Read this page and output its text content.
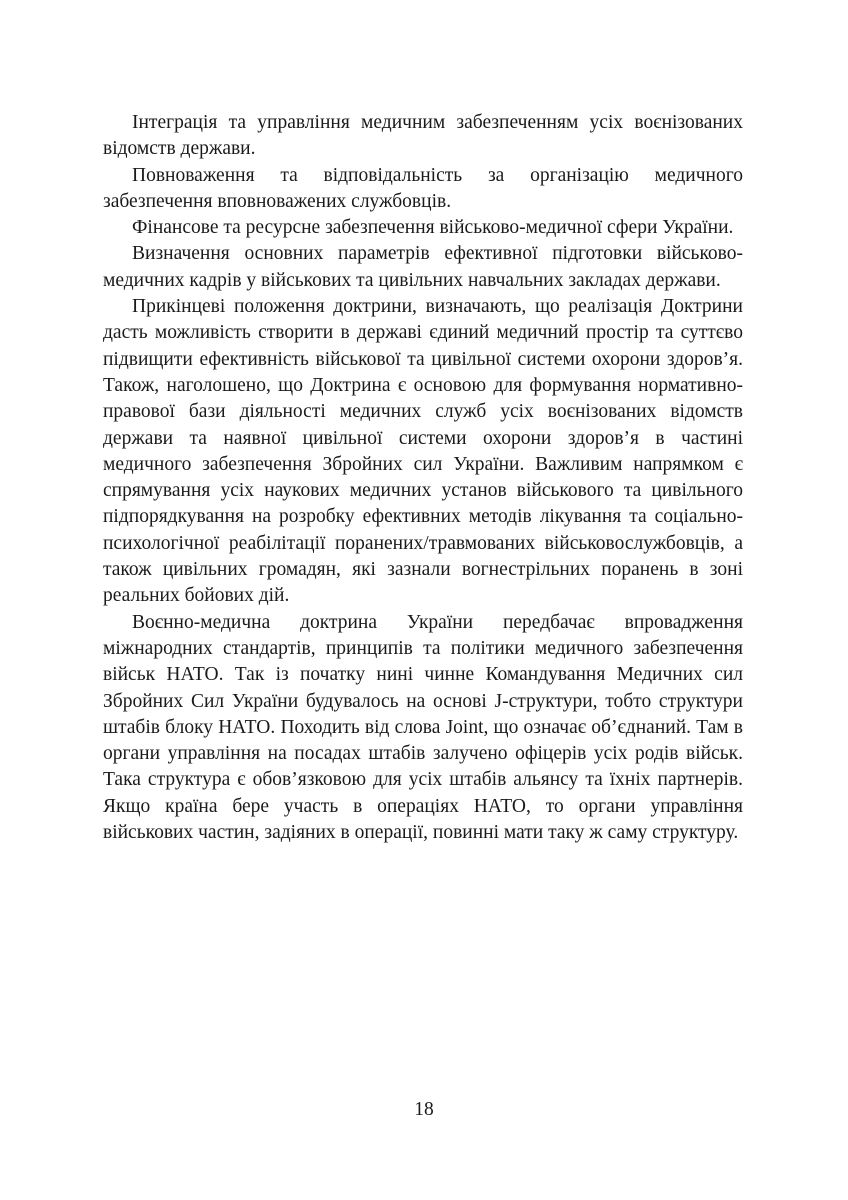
Інтеграція та управління медичним забезпеченням усіх воєнізованих відомств держави.

Повноваження та відповідальність за організацію медичного забезпечення вповноважених службовців.

Фінансове та ресурсне забезпечення військово-медичної сфери України.

Визначення основних параметрів ефективної підготовки військово-медичних кадрів у військових та цивільних навчальних закладах держави.

Прикінцеві положення доктрини, визначають, що реалізація Доктрини дасть можливість створити в державі єдиний медичний простір та суттєво підвищити ефективність військової та цивільної системи охорони здоров’я. Також, наголошено, що Доктрина є основою для формування нормативно-правової бази діяльності медичних служб усіх воєнізованих відомств держави та наявної цивільної системи охорони здоров’я в частині медичного забезпечення Збройних сил України. Важливим напрямком є спрямування усіх наукових медичних установ військового та цивільного підпорядкування на розробку ефективних методів лікування та соціально-психологічної реабілітації поранених/травмованих військовослужбовців, а також цивільних громадян, які зазнали вогнестрільних поранень в зоні реальних бойових дій.

Воєнно-медична доктрина України передбачає впровадження міжнародних стандартів, принципів та політики медичного забезпечення військ НАТО. Так із початку нині чинне Командування Медичних сил Збройних Сил України будувалось на основі J-структури, тобто структури штабів блоку НАТО. Походить від слова Joint, що означає об’єднаний. Там в органи управління на посадах штабів залучено офіцерів усіх родів військ. Така структура є обов’язковою для усіх штабів альянсу та їхніх партнерів. Якщо країна бере участь в операціях НАТО, то органи управління військових частин, задіяних в операції, повинні мати таку ж саму структуру.

18
